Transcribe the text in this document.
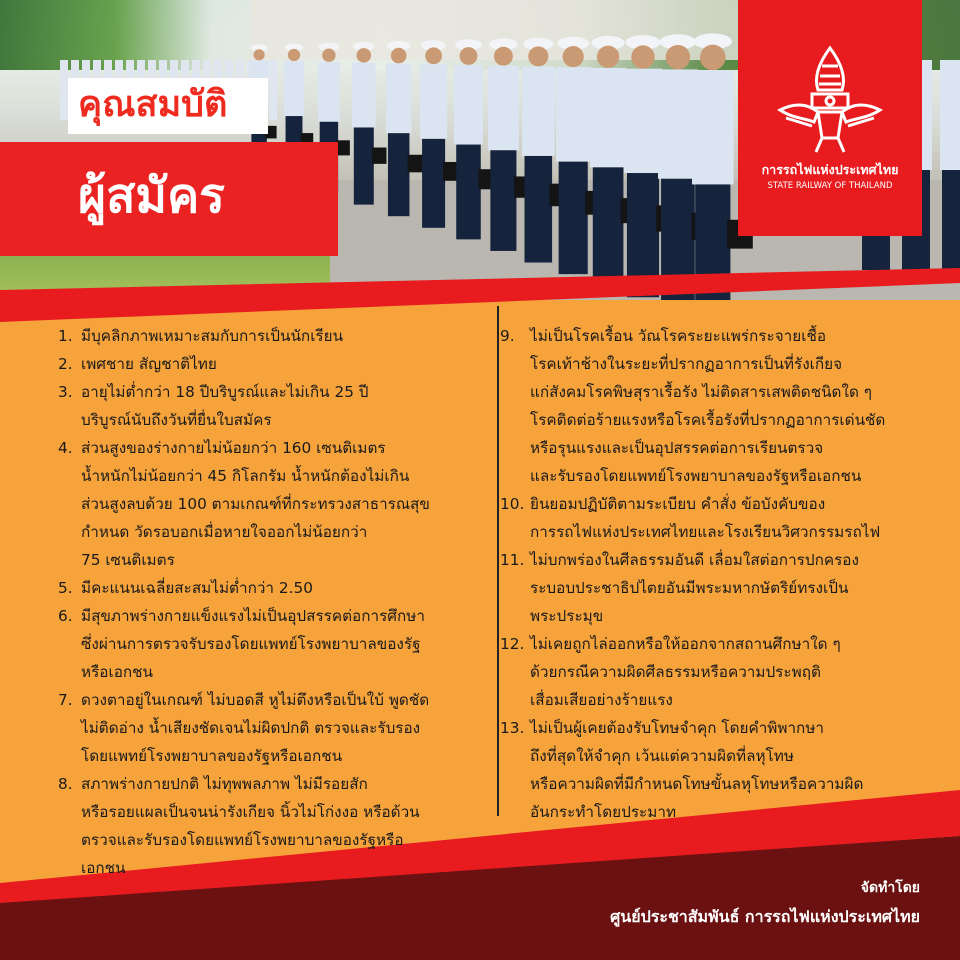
คุณสมบัติ
ผู้สมัคร	การรถไฟแห่งประเทศไทย
STATE RAILWAY OF THAILAND
1. มีบุคลิกภาพเหมาะสมกับการเป็นนักเรียน
2. เพศชาย สัญชาติไทย
3. อายุไม่ต่ำกว่า 18 ปีบริบูรณ์และไม่เกิน 25 ปี
บริบูรณ์นับถึงวันที่ยื่นใบสมัคร
4. ส่วนสูงของร่างกายไม่น้อยกว่า 160 เซนติเมตร
น้ำหนักไม่น้อยกว่า 45 กิโลกรัม น้ำหนักต้องไม่เกิน
ส่วนสูงลบด้วย 100 ตามเกณฑ์ที่กระทรวงสาธารณสุข
กำหนด วัดรอบอกเมื่อหายใจออกไม่น้อยกว่า
75 เซนติเมตร
5. มีคะแนนเฉลี่ยสะสมไม่ต่ำกว่า 2.50
6. มีสุขภาพร่างกายแข็งแรงไม่เป็นอุปสรรคต่อการศึกษา
ซึ่งผ่านการตรวจรับรองโดยแพทย์โรงพยาบาลของรัฐ
หรือเอกชน
7. ดวงตาอยู่ในเกณฑ์ ไม่บอดสี หูไม่ตึงหรือเป็นใบ้ พูดชัด
ไม่ติดอ่าง น้ำเสียงชัดเจนไม่ผิดปกติ ตรวจและรับรอง
โดยแพทย์โรงพยาบาลของรัฐหรือเอกชน
8. สภาพร่างกายปกติ ไม่ทุพพลภาพ ไม่มีรอยสัก
หรือรอยแผลเป็นจนน่ารังเกียจ นิ้วไม่โก่งงอ หรือด้วน
ตรวจและรับรองโดยแพทย์โรงพยาบาลของรัฐหรือ
เอกชน
9.	ไม่เป็นโรคเรื้อน วัณโรคระยะแพร่กระจายเชื้อ
โรคเท้าช้างในระยะที่ปรากฏอาการเป็นที่รังเกียจ
แก่สังคมโรคพิษสุราเรื้อรัง ไม่ติดสารเสพติดชนิดใด ๆ
โรคติดต่อร้ายแรงหรือโรคเรื้อรังที่ปรากฏอาการเด่นชัด
หรือรุนแรงและเป็นอุปสรรคต่อการเรียนตรวจ
และรับรองโดยแพทย์โรงพยาบาลของรัฐหรือเอกชน
10. ยินยอมปฏิบัติตามระเบียบ คำสั่ง ข้อบังคับของ
การรถไฟแห่งประเทศไทยและโรงเรียนวิศวกรรมรถไฟ
11. ไม่บกพร่องในศีลธรรมอันดี เลื่อมใสต่อการปกครอง
ระบอบประชาธิปไตยอันมีพระมหากษัตริย์ทรงเป็น
พระประมุข
12. ไม่เคยถูกไล่ออกหรือให้ออกจากสถานศึกษาใด ๆ
ด้วยกรณีความผิดศีลธรรมหรือความประพฤติ
เสื่อมเสียอย่างร้ายแรง
13. ไม่เป็นผู้เคยต้องรับโทษจำคุก โดยคำพิพากษา
ถึงที่สุดให้จำคุก เว้นแต่ความผิดที่ลหุโทษ
หรือความผิดที่มีกำหนดโทษขั้นลหุโทษหรือความผิด
อันกระทำโดยประมาท
จัดทำโดย
ศูนย์ประชาสัมพันธ์ การรถไฟแห่งประเทศไทย
